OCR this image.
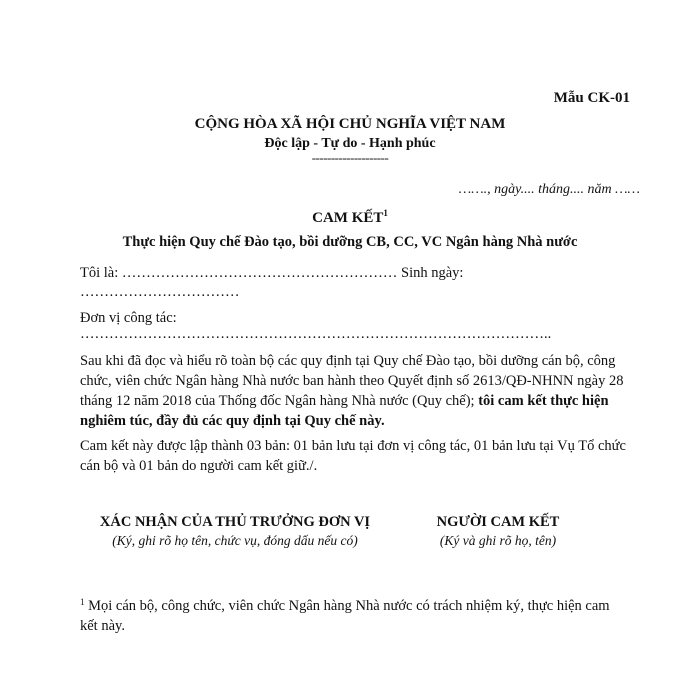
Mẫu CK-01
CỘNG HÒA XÃ HỘI CHỦ NGHĨA VIỆT NAM
Độc lập - Tự do - Hạnh phúc
--------------------
……., ngày.... tháng.... năm ……
CAM KẾT$^1$
Thực hiện Quy chế Đào tạo, bồi dưỡng CB, CC, VC Ngân hàng Nhà nước
Tôi là: ………………………………………………… Sinh ngày:
……………………………
Đơn vị công tác:
……………………………………………………………………………………..
Sau khi đã đọc và hiểu rõ toàn bộ các quy định tại Quy chế Đào tạo, bồi dưỡng cán bộ, công chức, viên chức Ngân hàng Nhà nước ban hành theo Quyết định số 2613/QĐ-NHNN ngày 28 tháng 12 năm 2018 của Thống đốc Ngân hàng Nhà nước (Quy chế); tôi cam kết thực hiện nghiêm túc, đầy đủ các quy định tại Quy chế này.
Cam kết này được lập thành 03 bản: 01 bản lưu tại đơn vị công tác, 01 bản lưu tại Vụ Tổ chức cán bộ và 01 bản do người cam kết giữ./.
XÁC NHẬN CỦA THỦ TRƯỞNG ĐƠN VỊ
(Ký, ghi rõ họ tên, chức vụ, đóng dấu nếu có)
NGƯỜI CAM KẾT
(Ký và ghi rõ họ, tên)
$^1$ Mọi cán bộ, công chức, viên chức Ngân hàng Nhà nước có trách nhiệm ký, thực hiện cam kết này.
